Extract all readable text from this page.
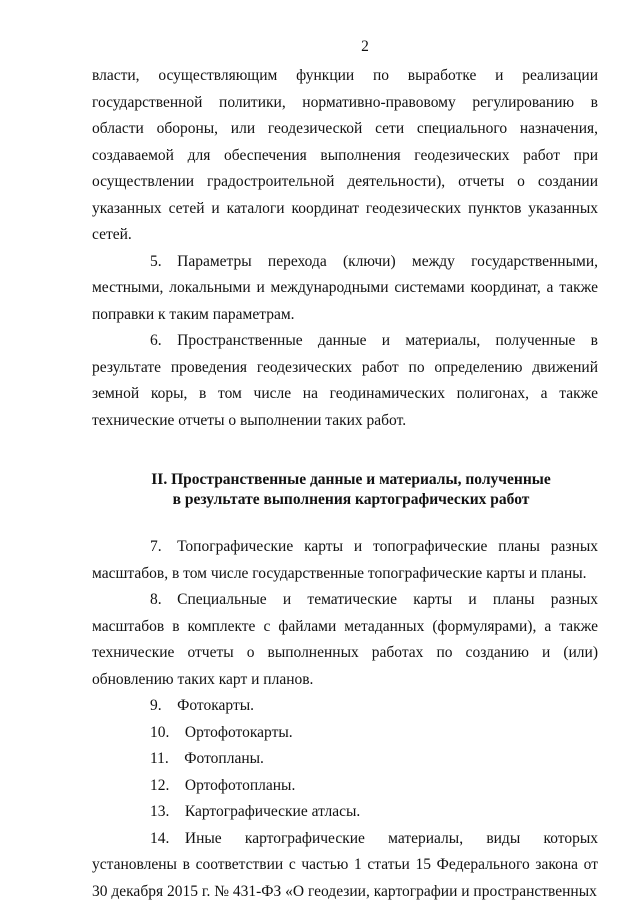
2

власти, осуществляющим функции по выработке и реализации государственной политики, нормативно-правовому регулированию в области обороны, или геодезической сети специального назначения, создаваемой для обеспечения выполнения геодезических работ при осуществлении градостроительной деятельности), отчеты о создании указанных сетей и каталоги координат геодезических пунктов указанных сетей.

5. Параметры перехода (ключи) между государственными, местными, локальными и международными системами координат, а также поправки к таким параметрам.

6. Пространственные данные и материалы, полученные в результате проведения геодезических работ по определению движений земной коры, в том числе на геодинамических полигонах, а также технические отчеты о выполнении таких работ.

II. Пространственные данные и материалы, полученные
в результате выполнения картографических работ

7. Топографические карты и топографические планы разных масштабов, в том числе государственные топографические карты и планы.

8. Специальные и тематические карты и планы разных масштабов в комплекте с файлами метаданных (формулярами), а также технические отчеты о выполненных работах по созданию и (или) обновлению таких карт и планов.

9. Фотокарты.

10. Ортофотокарты.

11. Фотопланы.

12. Ортофотопланы.

13. Картографические атласы.

14. Иные картографические материалы, виды которых установлены в соответствии с частью 1 статьи 15 Федерального закона от 30 декабря 2015 г. № 431-ФЗ «О геодезии, картографии и пространственных
